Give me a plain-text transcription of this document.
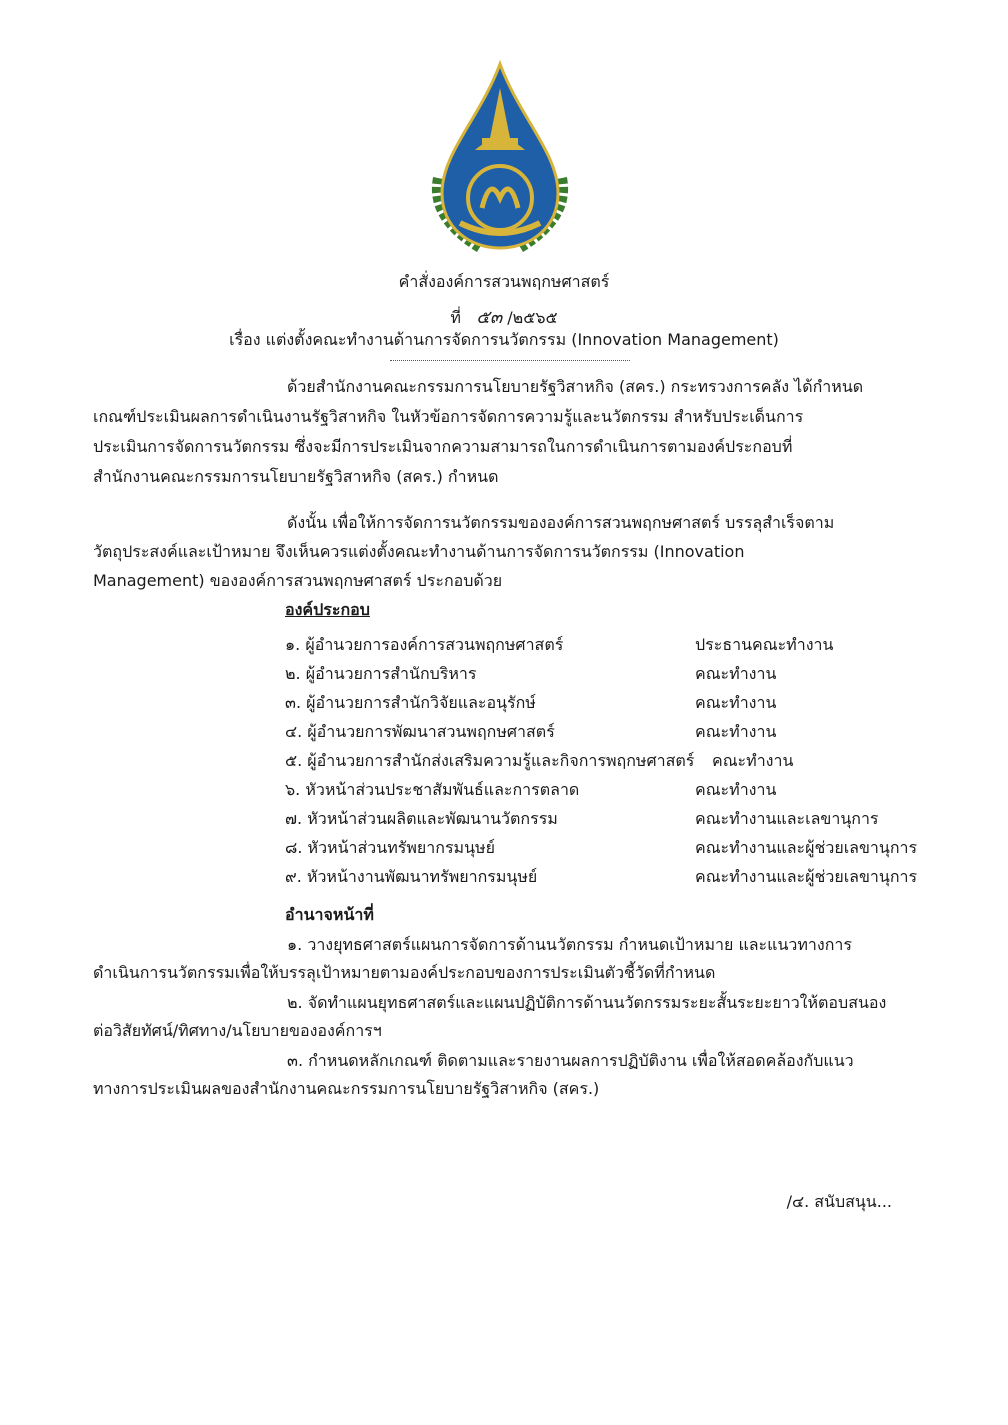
คำสั่งองค์การสวนพฤกษศาสตร์
ที่ ๕๓ /๒๕๖๕
เรื่อง แต่งตั้งคณะทำงานด้านการจัดการนวัตกรรม (Innovation Management)
ด้วยสำนักงานคณะกรรมการนโยบายรัฐวิสาหกิจ (สคร.) กระทรวงการคลัง ได้กำหนด
เกณฑ์ประเมินผลการดำเนินงานรัฐวิสาหกิจ ในหัวข้อการจัดการความรู้และนวัตกรรม สำหรับประเด็นการ
ประเมินการจัดการนวัตกรรม ซึ่งจะมีการประเมินจากความสามารถในการดำเนินการตามองค์ประกอบที่
สำนักงานคณะกรรมการนโยบายรัฐวิสาหกิจ (สคร.) กำหนด
ดังนั้น เพื่อให้การจัดการนวัตกรรมขององค์การสวนพฤกษศาสตร์ บรรลุสำเร็จตาม
วัตถุประสงค์และเป้าหมาย จึงเห็นควรแต่งตั้งคณะทำงานด้านการจัดการนวัตกรรม (Innovation
Management) ขององค์การสวนพฤกษศาสตร์ ประกอบด้วย
องค์ประกอบ
๑. ผู้อำนวยการองค์การสวนพฤกษศาสตร์	ประธานคณะทำงาน
๒. ผู้อำนวยการสำนักบริหาร	คณะทำงาน
๓. ผู้อำนวยการสำนักวิจัยและอนุรักษ์	คณะทำงาน
๔. ผู้อำนวยการพัฒนาสวนพฤกษศาสตร์	คณะทำงาน
๕. ผู้อำนวยการสำนักส่งเสริมความรู้และกิจการพฤกษศาสตร์ คณะทำงาน
๖. หัวหน้าส่วนประชาสัมพันธ์และการตลาด	คณะทำงาน
๗. หัวหน้าส่วนผลิตและพัฒนานวัตกรรม	คณะทำงานและเลขานุการ
๘. หัวหน้าส่วนทรัพยากรมนุษย์	คณะทำงานและผู้ช่วยเลขานุการ
๙. หัวหน้างานพัฒนาทรัพยากรมนุษย์	คณะทำงานและผู้ช่วยเลขานุการ
อำนาจหน้าที่
๑. วางยุทธศาสตร์แผนการจัดการด้านนวัตกรรม กำหนดเป้าหมาย และแนวทางการ
ดำเนินการนวัตกรรมเพื่อให้บรรลุเป้าหมายตามองค์ประกอบของการประเมินตัวชี้วัดที่กำหนด
๒. จัดทำแผนยุทธศาสตร์และแผนปฏิบัติการด้านนวัตกรรมระยะสั้นระยะยาวให้ตอบสนอง
ต่อวิสัยทัศน์/ทิศทาง/นโยบายขององค์การฯ
๓. กำหนดหลักเกณฑ์ ติดตามและรายงานผลการปฏิบัติงาน เพื่อให้สอดคล้องกับแนว
ทางการประเมินผลของสำนักงานคณะกรรมการนโยบายรัฐวิสาหกิจ (สคร.)
/๔. สนับสนุน...
